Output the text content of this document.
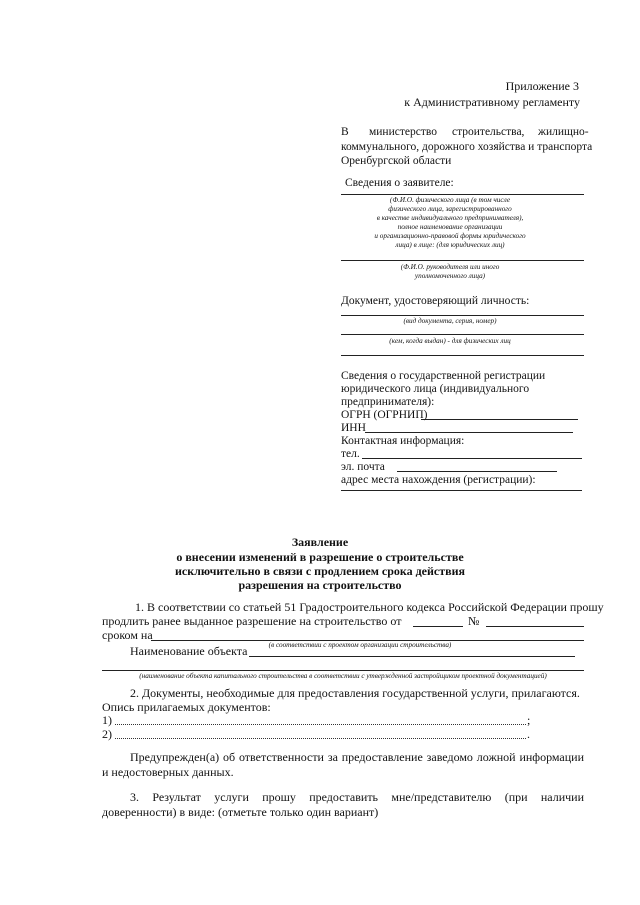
Приложение 3
к Административному регламенту
В министерство строительства, жилищно-
коммунального, дорожного хозяйства и транспорта
Оренбургской области
Сведения о заявителе:
(Ф.И.О. физического лица (в том числе
физического лица, зарегистрированного
в качестве индивидуального предпринимателя),
полное наименование организации
и организационно-правовой формы юридического
лица) в лице: (для юридических лиц)
(Ф.И.О. руководителя или иного
уполномоченного лица)
Документ, удостоверяющий личность:
(вид документа, серия, номер)
(кем, когда выдан) - для физических лиц
Сведения о государственной регистрации
юридического лица (индивидуального
предпринимателя):
ОГРН (ОГРНИП)
ИНН
Контактная информация:
тел.
эл. почта
адрес места нахождения (регистрации):
Заявление
о внесении изменений в разрешение о строительстве
исключительно в связи с продлением срока действия
разрешения на строительство
1. В соответствии со статьей 51 Градостроительного кодекса Российской Федерации прошу
продлить ранее выданное разрешение на строительство от	№
сроком на
(в соответствии с проектом организации строительства)
Наименование объекта
(наименование объекта капитального строительства в соответствии с утвержденной застройщиком проектной документацией)
2. Документы, необходимые для предоставления государственной услуги, прилагаются.
Опись прилагаемых документов:
1)	;
2)	.
Предупрежден(а) об ответственности за предоставление заведомо ложной информации и недостоверных данных.
3. Результат услуги прошу предоставить мне/представителю (при наличии доверенности) в виде: (отметьте только один вариант)
